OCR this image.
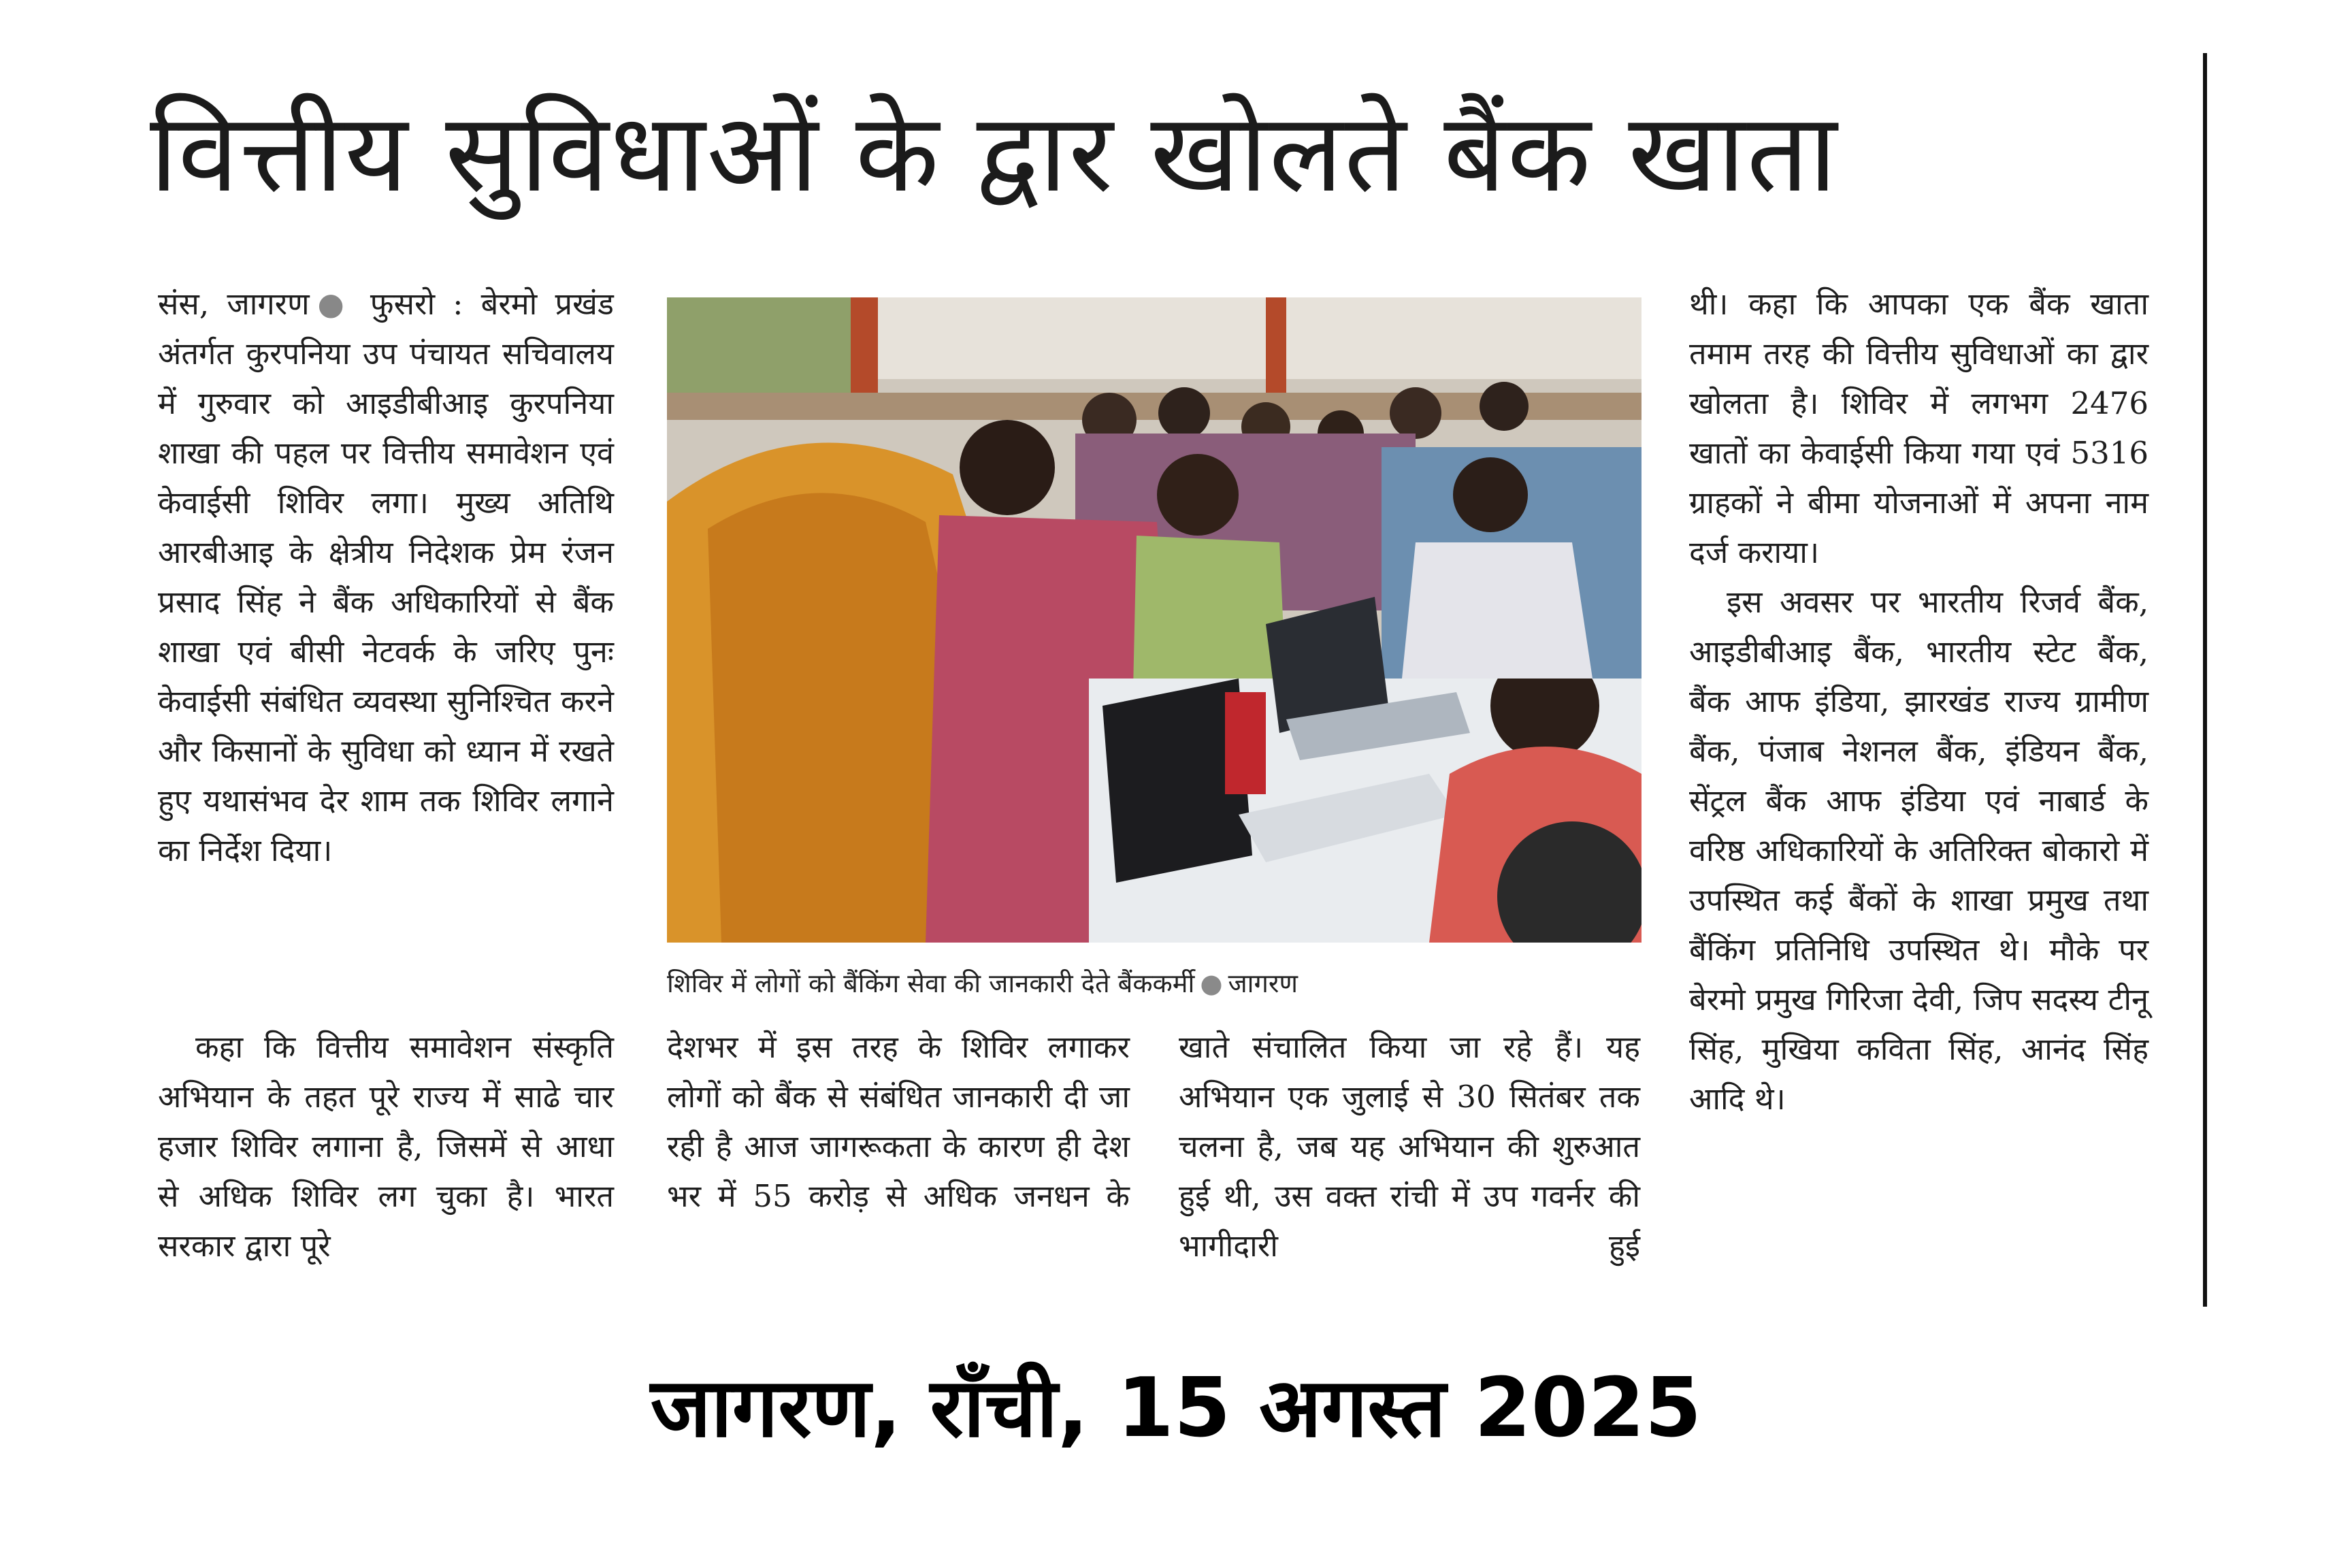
वित्तीय सुविधाओं के द्वार खोलते बैंक खाता

संस, जागरण● फुसरो : बेरमो प्रखंड अंतर्गत कुरपनिया उप पंचायत सचिवालय में गुरुवार को आइडीबीआइ कुरपनिया शाखा की पहल पर वित्तीय समावेशन एवं केवाईसी शिविर लगा। मुख्य अतिथि आरबीआइ के क्षेत्रीय निदेशक प्रेम रंजन प्रसाद सिंह ने बैंक अधिकारियों से बैंक शाखा एवं बीसी नेटवर्क के जरिए पुनः केवाईसी संबंधित व्यवस्था सुनिश्चित करने और किसानों के सुविधा को ध्यान में रखते हुए यथासंभव देर शाम तक शिविर लगाने का निर्देश दिया।

कहा कि वित्तीय समावेशन संस्कृति अभियान के तहत पूरे राज्य में साढे चार हजार शिविर लगाना है, जिसमें से आधा से अधिक शिविर लग चुका है। भारत सरकार द्वारा पूरे

शिविर में लोगों को बैंकिंग सेवा की जानकारी देते बैंककर्मी ● जागरण

देशभर में इस तरह के शिविर लगाकर लोगों को बैंक से संबंधित जानकारी दी जा रही है आज जागरूकता के कारण ही देश भर में 55 करोड़ से अधिक जनधन के

खाते संचालित किया जा रहे हैं। यह अभियान एक जुलाई से 30 सितंबर तक चलना है, जब यह अभियान की शुरुआत हुई थी, उस वक्त रांची में उप गवर्नर की भागीदारी हुई

थी। कहा कि आपका एक बैंक खाता तमाम तरह की वित्तीय सुविधाओं का द्वार खोलता है। शिविर में लगभग 2476 खातों का केवाईसी किया गया एवं 5316 ग्राहकों ने बीमा योजनाओं में अपना नाम दर्ज कराया।

इस अवसर पर भारतीय रिजर्व बैंक, आइडीबीआइ बैंक, भारतीय स्टेट बैंक, बैंक आफ इंडिया, झारखंड राज्य ग्रामीण बैंक, पंजाब नेशनल बैंक, इंडियन बैंक, सेंट्रल बैंक आफ इंडिया एवं नाबार्ड के वरिष्ठ अधिकारियों के अतिरिक्त बोकारो में उपस्थित कई बैंकों के शाखा प्रमुख तथा बैंकिंग प्रतिनिधि उपस्थित थे। मौके पर बेरमो प्रमुख गिरिजा देवी, जिप सदस्य टीनू सिंह, मुखिया कविता सिंह, आनंद सिंह आदि थे।

जागरण, राँची, 15 अगस्त 2025
